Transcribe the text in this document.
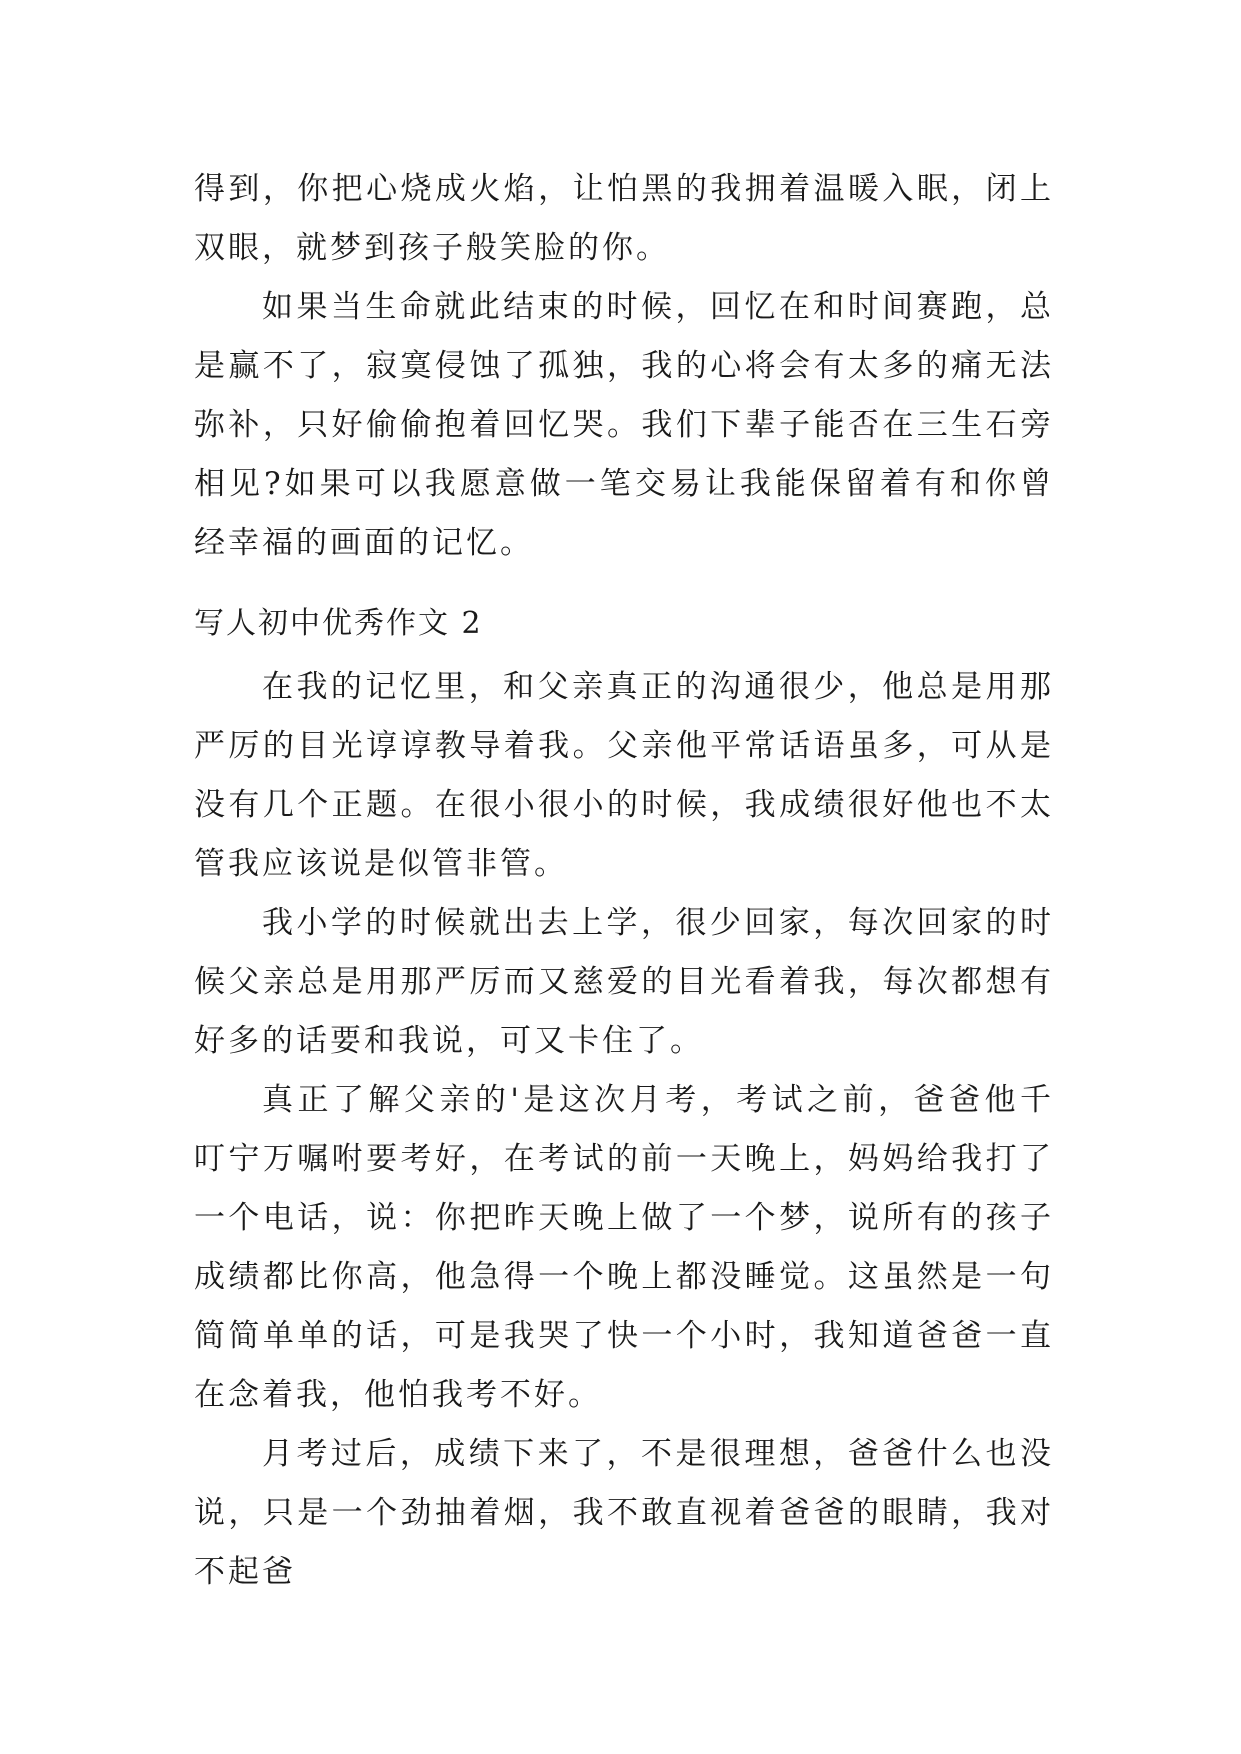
得到，你把心烧成火焰，让怕黑的我拥着温暖入眠，闭上双眼，就梦到孩子般笑脸的你。

如果当生命就此结束的时候，回忆在和时间赛跑，总是赢不了，寂寞侵蚀了孤独，我的心将会有太多的痛无法弥补，只好偷偷抱着回忆哭。我们下辈子能否在三生石旁相见?如果可以我愿意做一笔交易让我能保留着有和你曾经幸福的画面的记忆。

写人初中优秀作文 2

在我的记忆里，和父亲真正的沟通很少，他总是用那严厉的目光谆谆教导着我。父亲他平常话语虽多，可从是没有几个正题。在很小很小的时候，我成绩很好他也不太管我应该说是似管非管。

我小学的时候就出去上学，很少回家，每次回家的时候父亲总是用那严厉而又慈爱的目光看着我，每次都想有好多的话要和我说，可又卡住了。

真正了解父亲的'是这次月考，考试之前，爸爸他千叮宁万嘱咐要考好，在考试的前一天晚上，妈妈给我打了一个电话，说：你把昨天晚上做了一个梦，说所有的孩子成绩都比你高，他急得一个晚上都没睡觉。这虽然是一句简简单单的话，可是我哭了快一个小时，我知道爸爸一直在念着我，他怕我考不好。

月考过后，成绩下来了，不是很理想，爸爸什么也没说，只是一个劲抽着烟，我不敢直视着爸爸的眼睛，我对不起爸
